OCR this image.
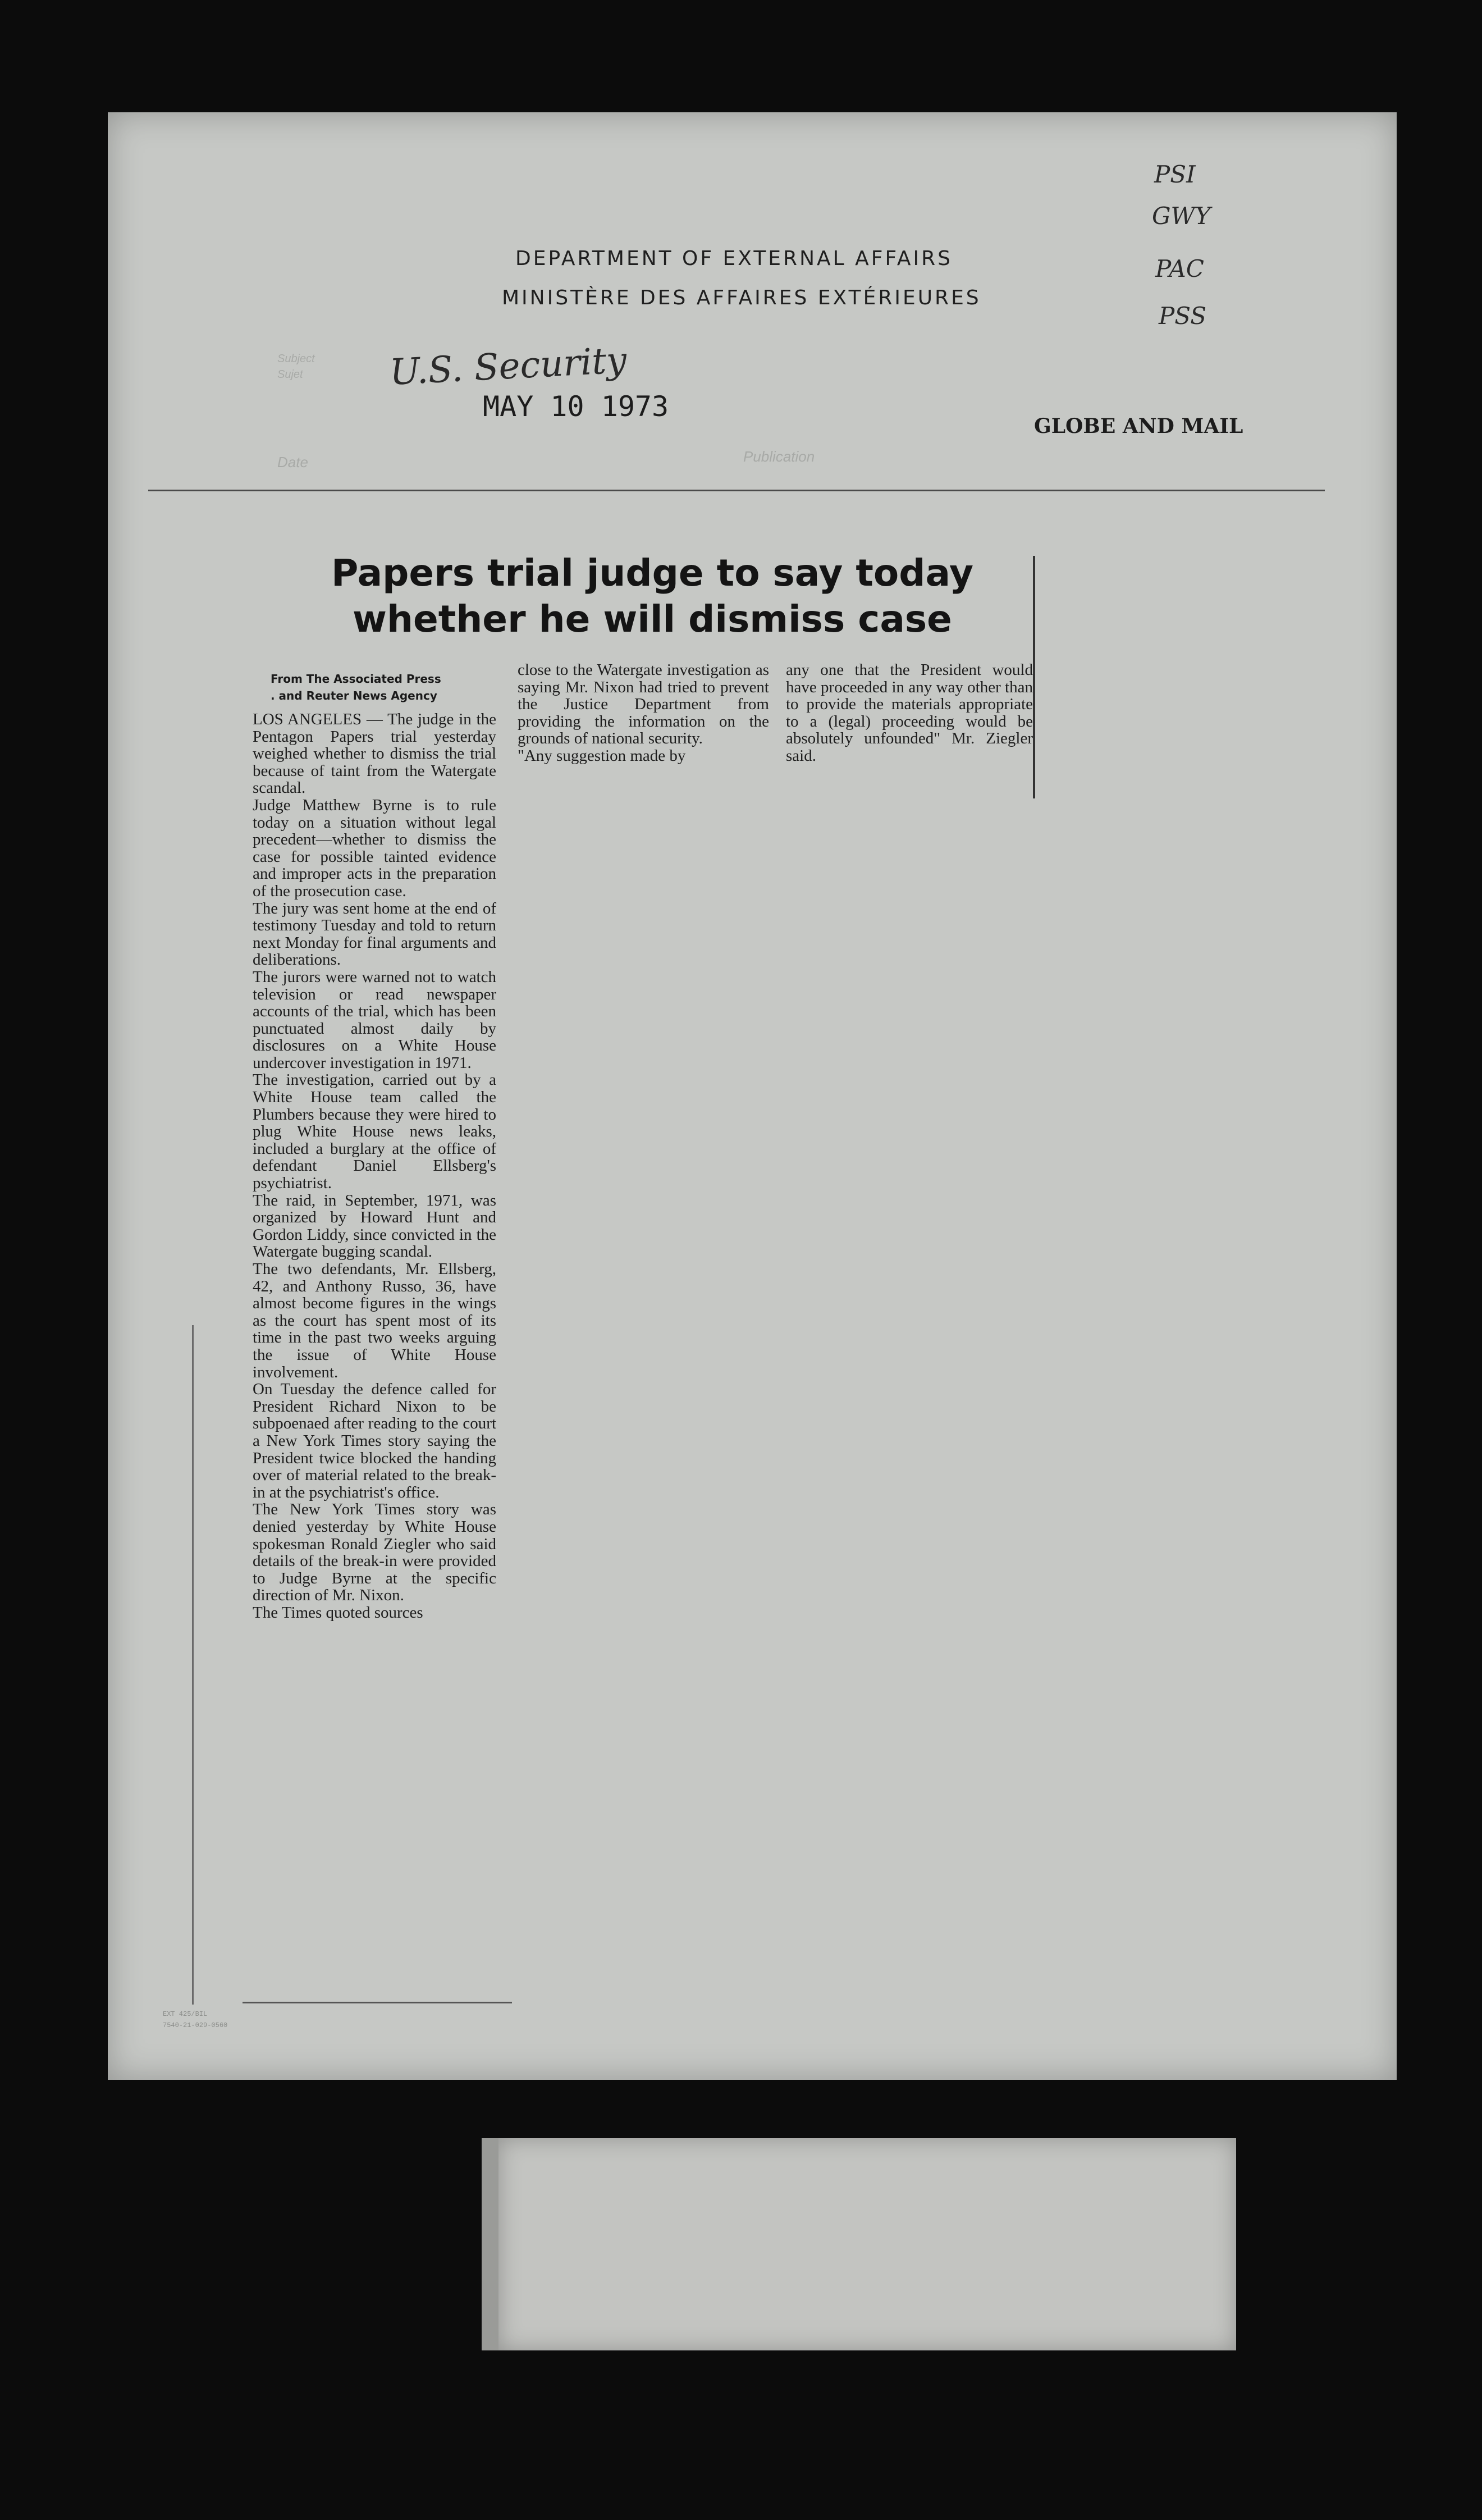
DEPARTMENT OF EXTERNAL AFFAIRS
MINISTÈRE DES AFFAIRES EXTÉRIEURES
Subject
Sujet
Date	Publication
U.S. Security
PSI
GWY
PAC
PSS
MAY 10 1973
GLOBE AND MAIL
Papers trial judge to say today whether he will dismiss case
From The Associated Press
. and Reuter News Agency
LOS ANGELES — The judge in the Pentagon Papers trial yesterday weighed whether to dismiss the trial because of taint from the Watergate scandal.
Judge Matthew Byrne is to rule today on a situation without legal precedent—whether to dismiss the case for possible tainted evidence and improper acts in the preparation of the prosecution case.
The jury was sent home at the end of testimony Tuesday and told to return next Monday for final arguments and deliberations.
The jurors were warned not to watch television or read newspaper accounts of the trial, which has been punctuated almost daily by disclosures on a White House undercover investigation in 1971.
The investigation, carried out by a White House team called the Plumbers because they were hired to plug White House news leaks, included a burglary at the office of defendant Daniel Ellsberg's psychiatrist.
The raid, in September, 1971, was organized by Howard Hunt and Gordon Liddy, since convicted in the Watergate bugging scandal.
The two defendants, Mr. Ellsberg, 42, and Anthony Russo, 36, have almost become figures in the wings as the court has spent most of its time in the past two weeks arguing the issue of White House involvement.
On Tuesday the defence called for President Richard Nixon to be subpoenaed after reading to the court a New York Times story saying the President twice blocked the handing over of material related to the break-in at the psychiatrist's office.
The New York Times story was denied yesterday by White House spokesman Ronald Ziegler who said details of the break-in were provided to Judge Byrne at the specific direction of Mr. Nixon.
The Times quoted sources
close to the Watergate investigation as saying Mr. Nixon had tried to prevent the Justice Department from providing the information on the grounds of national security.
"Any suggestion made by
any one that the President would have proceeded in any way other than to provide the materials appropriate to a (legal) proceeding would be absolutely unfounded" Mr. Ziegler said.
EXT 425/BIL
7540-21-029-0560
